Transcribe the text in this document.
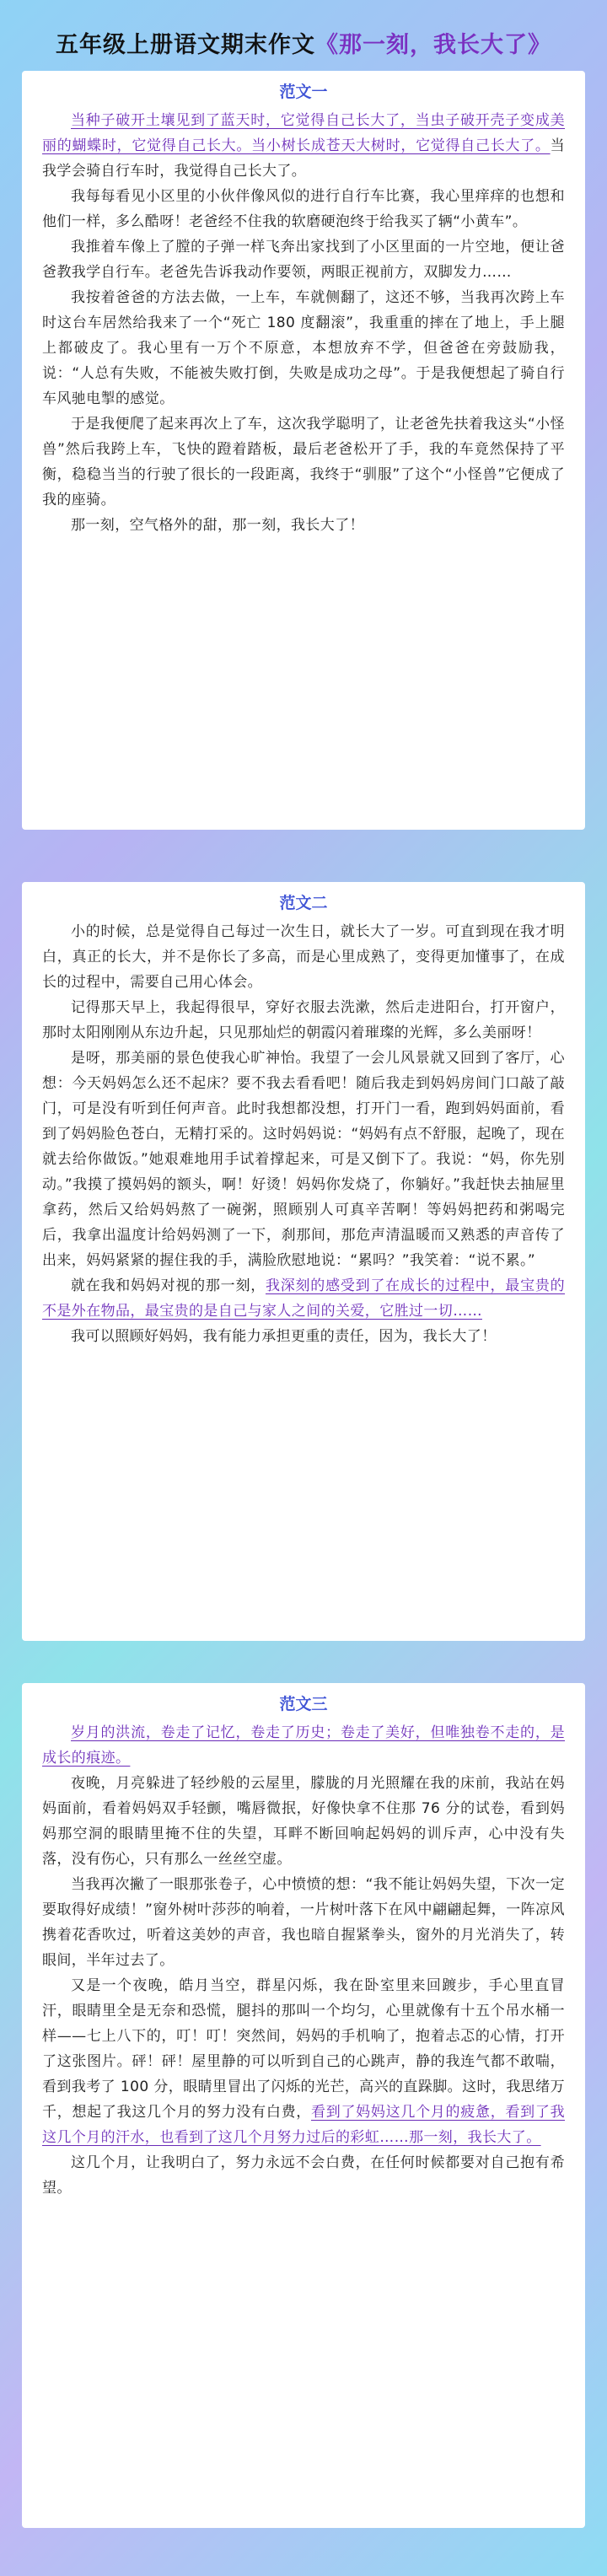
五年级上册语文期末作文 《那一刻，我长大了》
范文一

当种子破开土壤见到了蓝天时，它觉得自己长大了，当虫子破开壳子变成美丽的蝴蝶时，它觉得自己长大。当小树长成苍天大树时，它觉得自己长大了。当我学会骑自行车时，我觉得自己长大了。

我每每看见小区里的小伙伴像风似的进行自行车比赛，我心里痒痒的也想和他们一样，多么酷呀！老爸经不住我的软磨硬泡终于给我买了辆“小黄车”。

我推着车像上了膛的子弹一样飞奔出家找到了小区里面的一片空地，便让爸爸教我学自行车。老爸先告诉我动作要领，两眼正视前方，双脚发力……

我按着爸爸的方法去做，一上车，车就侧翻了，这还不够，当我再次跨上车时这台车居然给我来了一个“死亡 180 度翻滚”，我重重的摔在了地上，手上腿上都破皮了。我心里有一万个不原意，本想放弃不学，但爸爸在旁鼓励我，说：“人总有失败，不能被失败打倒，失败是成功之母”。于是我便想起了骑自行车风驰电掣的感觉。

于是我便爬了起来再次上了车，这次我学聪明了，让老爸先扶着我这头“小怪兽”然后我跨上车，飞快的蹬着踏板，最后老爸松开了手，我的车竟然保持了平衡，稳稳当当的行驶了很长的一段距离，我终于“驯服”了这个“小怪兽”它便成了我的座骑。

那一刻，空气格外的甜，那一刻，我长大了！

范文二

小的时候，总是觉得自己每过一次生日，就长大了一岁。可直到现在我才明白，真正的长大，并不是你长了多高，而是心里成熟了，变得更加懂事了，在成长的过程中，需要自己用心体会。

记得那天早上，我起得很早，穿好衣服去洗漱，然后走进阳台，打开窗户，那时太阳刚刚从东边升起，只见那灿烂的朝霞闪着璀璨的光辉，多么美丽呀！

是呀，那美丽的景色使我心旷神怡。我望了一会儿风景就又回到了客厅，心想：今天妈妈怎么还不起床？要不我去看看吧！随后我走到妈妈房间门口敲了敲门，可是没有听到任何声音。此时我想都没想，打开门一看，跑到妈妈面前，看到了妈妈脸色苍白，无精打采的。这时妈妈说：“妈妈有点不舒服，起晚了，现在就去给你做饭。”她艰难地用手试着撑起来，可是又倒下了。我说：“妈，你先别动。”我摸了摸妈妈的额头，啊！好烫！妈妈你发烧了，你躺好。”我赶快去抽屉里拿药，然后又给妈妈熬了一碗粥，照顾别人可真辛苦啊！等妈妈把药和粥喝完后，我拿出温度计给妈妈测了一下，刹那间，那危声清温暖而又熟悉的声音传了出来，妈妈紧紧的握住我的手，满脸欣慰地说：“累吗？”我笑着：“说不累。”

就在我和妈妈对视的那一刻，我深刻的感受到了在成长的过程中，最宝贵的不是外在物品，最宝贵的是自己与家人之间的关爱，它胜过一切……

我可以照顾好妈妈，我有能力承担更重的责任，因为，我长大了！

范文三

岁月的洪流，卷走了记忆，卷走了历史；卷走了美好，但唯独卷不走的，是成长的痕迹。

夜晚，月亮躲进了轻纱般的云屋里，朦胧的月光照耀在我的床前，我站在妈妈面前，看着妈妈双手轻颤，嘴唇微抿，好像快拿不住那 76 分的试卷，看到妈妈那空洞的眼睛里掩不住的失望，耳畔不断回响起妈妈的训斥声，心中没有失落，没有伤心，只有那么一丝丝空虚。

当我再次撇了一眼那张卷子，心中愤愤的想：“我不能让妈妈失望，下次一定要取得好成绩！”窗外树叶莎莎的响着，一片树叶落下在风中翩翩起舞，一阵凉风携着花香吹过，听着这美妙的声音，我也暗自握紧拳头，窗外的月光消失了，转眼间，半年过去了。

又是一个夜晚，皓月当空，群星闪烁，我在卧室里来回踱步，手心里直冒汗，眼睛里全是无奈和恐慌，腿抖的那叫一个均匀，心里就像有十五个吊水桶一样——七上八下的，叮！叮！突然间，妈妈的手机响了，抱着忐忑的心情，打开了这张图片。砰！砰！屋里静的可以听到自己的心跳声，静的我连气都不敢喘，看到我考了 100 分，眼睛里冒出了闪烁的光芒，高兴的直跺脚。这时，我思绪万千，想起了我这几个月的努力没有白费，看到了妈妈这几个月的疲惫，看到了我这几个月的汗水，也看到了这几个月努力过后的彩虹……那一刻，我长大了。

这几个月，让我明白了，努力永远不会白费，在任何时候都要对自己抱有希望。
